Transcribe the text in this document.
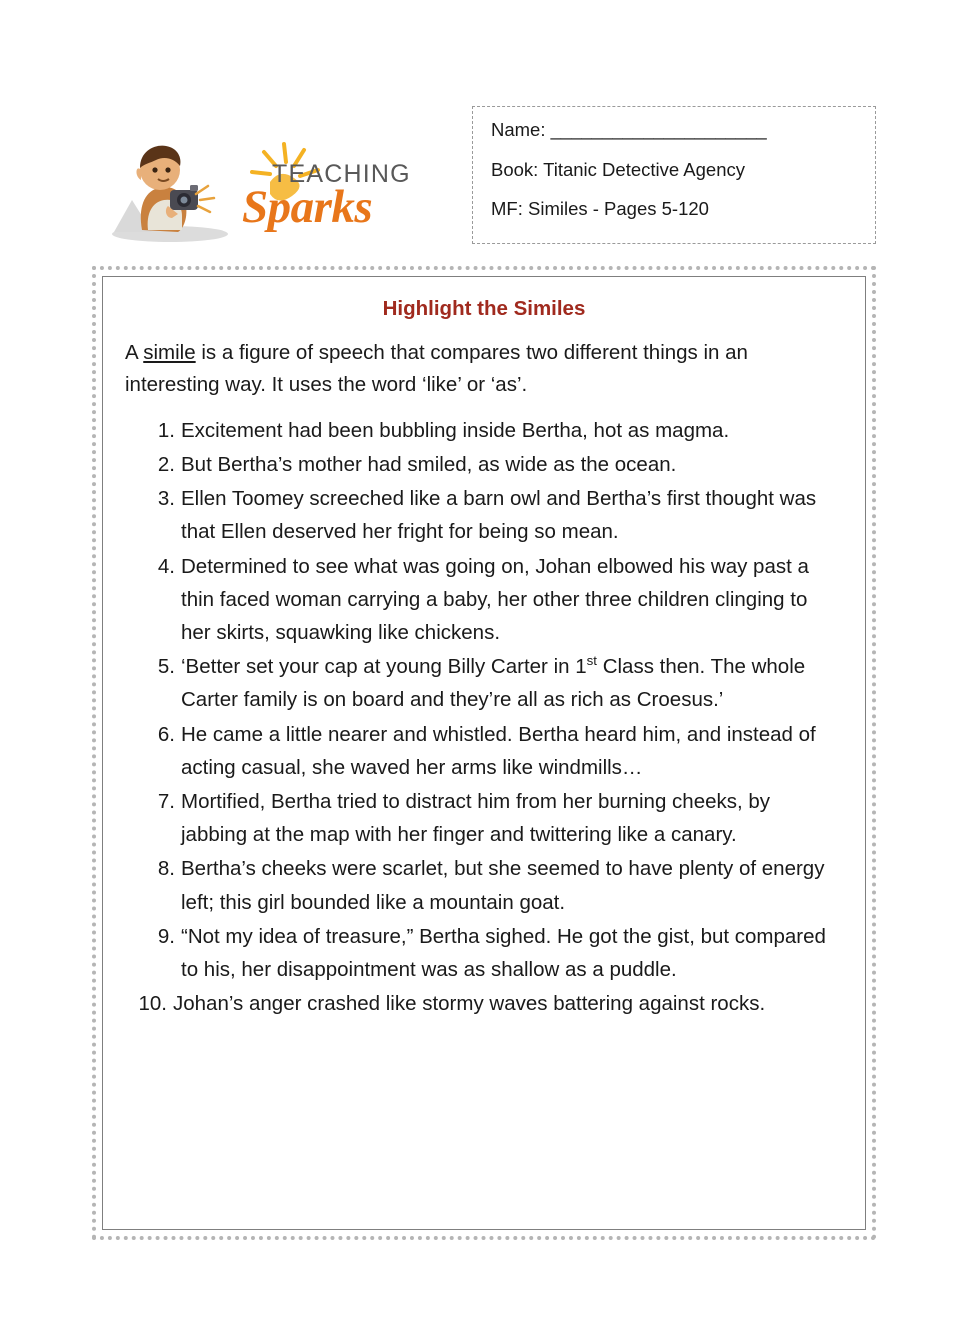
TEACHING
Sparks
Name: _____________________
Book: Titanic Detective Agency
MF: Similes - Pages 5-120
Highlight the Similes

A simile is a figure of speech that compares two different things in an interesting way. It uses the word ‘like’ or ‘as’.

Excitement had been bubbling inside Bertha, hot as magma.
But Bertha’s mother had smiled, as wide as the ocean.
Ellen Toomey screeched like a barn owl and Bertha’s first thought was that Ellen deserved her fright for being so mean.
Determined to see what was going on, Johan elbowed his way past a thin faced woman carrying a baby, her other three children clinging to her skirts, squawking like chickens.
‘Better set your cap at young Billy Carter in 1st Class then. The whole Carter family is on board and they’re all as rich as Croesus.’
He came a little nearer and whistled. Bertha heard him, and instead of acting casual, she waved her arms like windmills…
Mortified, Bertha tried to distract him from her burning cheeks, by jabbing at the map with her finger and twittering like a canary.
Bertha’s cheeks were scarlet, but she seemed to have plenty of energy left; this girl bounded like a mountain goat.
“Not my idea of treasure,” Bertha sighed. He got the gist, but compared to his, her disappointment was as shallow as a puddle.
Johan’s anger crashed like stormy waves battering against rocks.
